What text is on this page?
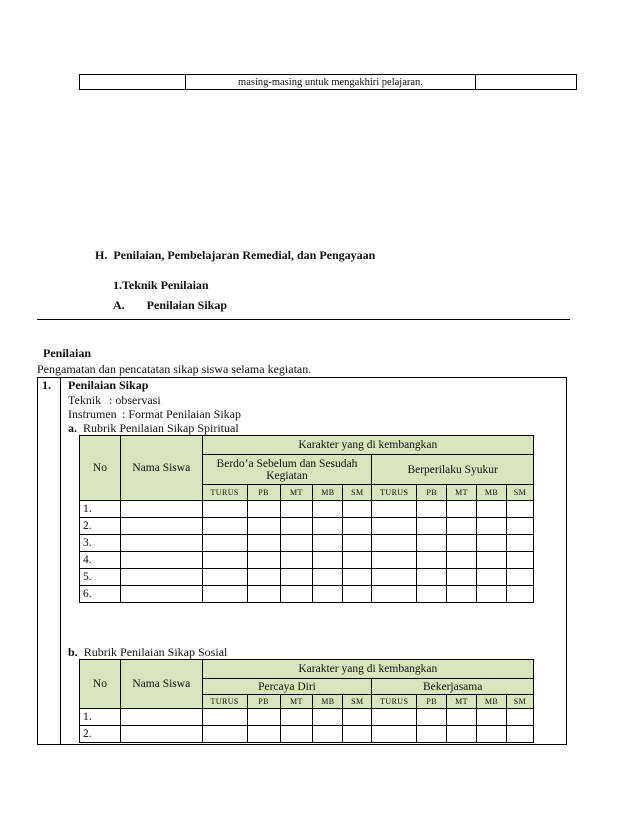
	masing-masing untuk mengakhiri pelajaran.	
H. Penilaian, Pembelajaran Remedial, dan Pengayaan
1.Teknik Penilaian
A. Penilaian Sikap
Penilaian
Pengamatan dan pencatatan sikap siswa selama kegiatan.
1. Penilaian Sikap
Teknik : observasi
Instrumen : Format Penilaian Sikap
a. Rubrik Penilaian Sikap Spiritual
No	Nama Siswa	Karakter yang di kembangkan									
		Berdo’a Sebelum dan Sesudah Kegiatan					Berperilaku Syukur				
		TURUS	PB	MT	MB	SM	TURUS	PB	MT	MB	SM
1.											
2.											
3.											
4.											
5.											
6.											
b. Rubrik Penilaian Sikap Sosial
No	Nama Siswa	Karakter yang di kembangkan									
		Percaya Diri					Bekerjasama				
		TURUS	PB	MT	MB	SM	TURUS	PB	MT	MB	SM
1.											
2.											
